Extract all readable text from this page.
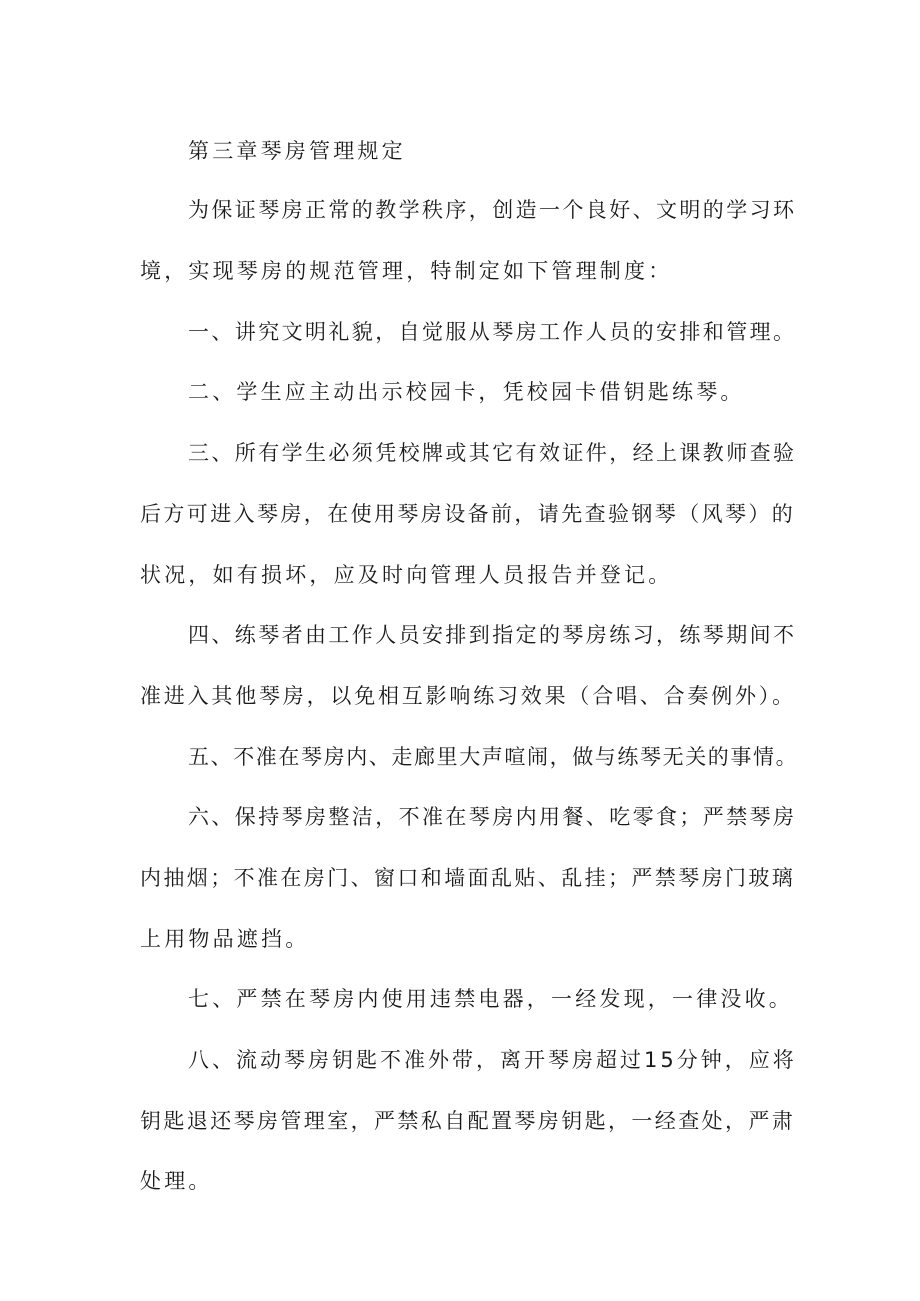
第三章琴房管理规定
为保证琴房正常的教学秩序，创造一个良好、文明的学习环
境，实现琴房的规范管理，特制定如下管理制度：
一、讲究文明礼貌，自觉服从琴房工作人员的安排和管理。
二、学生应主动出示校园卡，凭校园卡借钥匙练琴。
三、所有学生必须凭校牌或其它有效证件，经上课教师查验
后方可进入琴房，在使用琴房设备前，请先查验钢琴（风琴）的
状况，如有损坏，应及时向管理人员报告并登记。
四、练琴者由工作人员安排到指定的琴房练习，练琴期间不
准进入其他琴房，以免相互影响练习效果（合唱、合奏例外）。
五、不准在琴房内、走廊里大声喧闹，做与练琴无关的事情。
六、保持琴房整洁，不准在琴房内用餐、吃零食；严禁琴房
内抽烟；不准在房门、窗口和墙面乱贴、乱挂；严禁琴房门玻璃
上用物品遮挡。
七、严禁在琴房内使用违禁电器，一经发现，一律没收。
八、流动琴房钥匙不准外带，离开琴房超过15分钟，应将
钥匙退还琴房管理室，严禁私自配置琴房钥匙，一经查处，严肃
处理。
